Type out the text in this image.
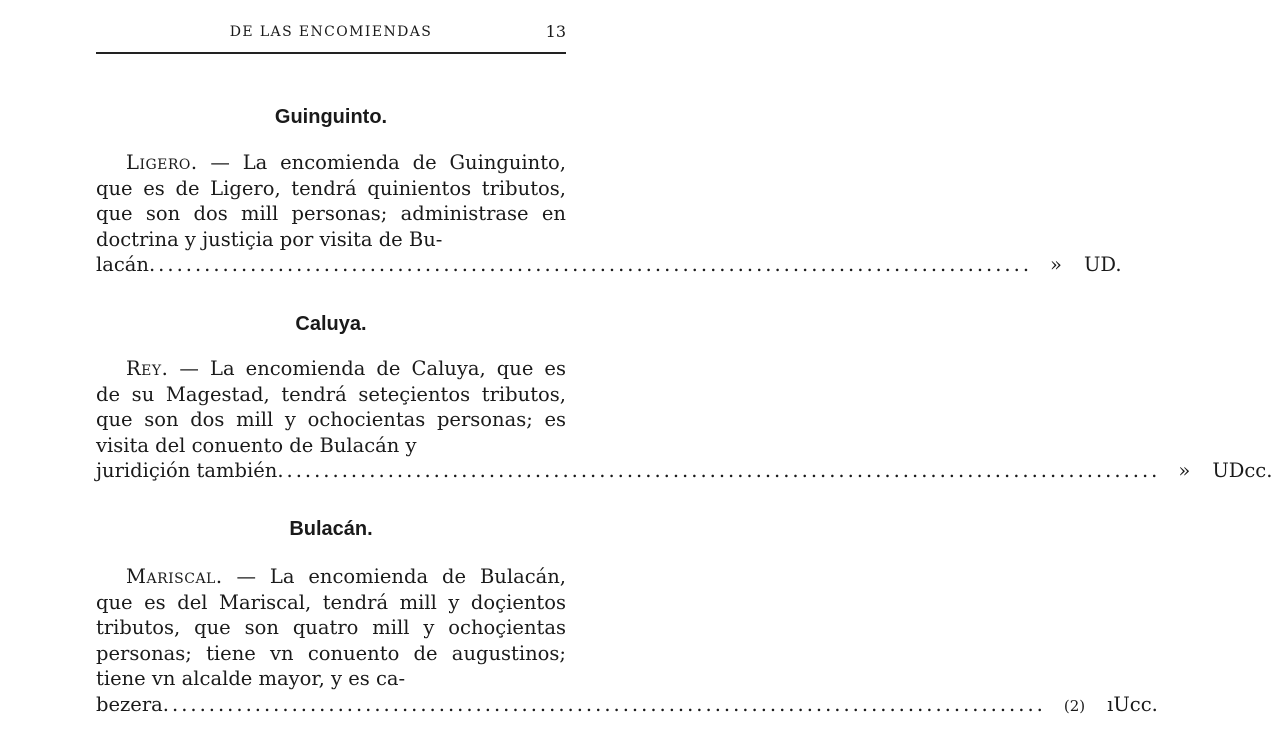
DE LAS ENCOMIENDAS	13
Guinguinto.
Ligero. — La encomienda de Guinguinto,
que es de Ligero, tendrá quinientos tributos,
que son dos mill personas; administrase en
doctrina y justiçia por visita de Bu-
lacán ................................................................................................ »	UD.
Caluya.
Rey. — La encomienda de Caluya, que es
de su Magestad, tendrá seteçientos tributos,
que son dos mill y ochocientas personas; es
visita del conuento de Bulacán y
juridiçión también ................................................................................................ »	UDcc.
Bulacán.
Mariscal. — La encomienda de Bulacán,
que es del Mariscal, tendrá mill y doçientos
tributos, que son quatro mill y ochoçientas
personas; tiene vn conuento de augustinos;
tiene vn alcalde mayor, y es ca-
bezera ................................................................................................	(2)	ıUcc.
